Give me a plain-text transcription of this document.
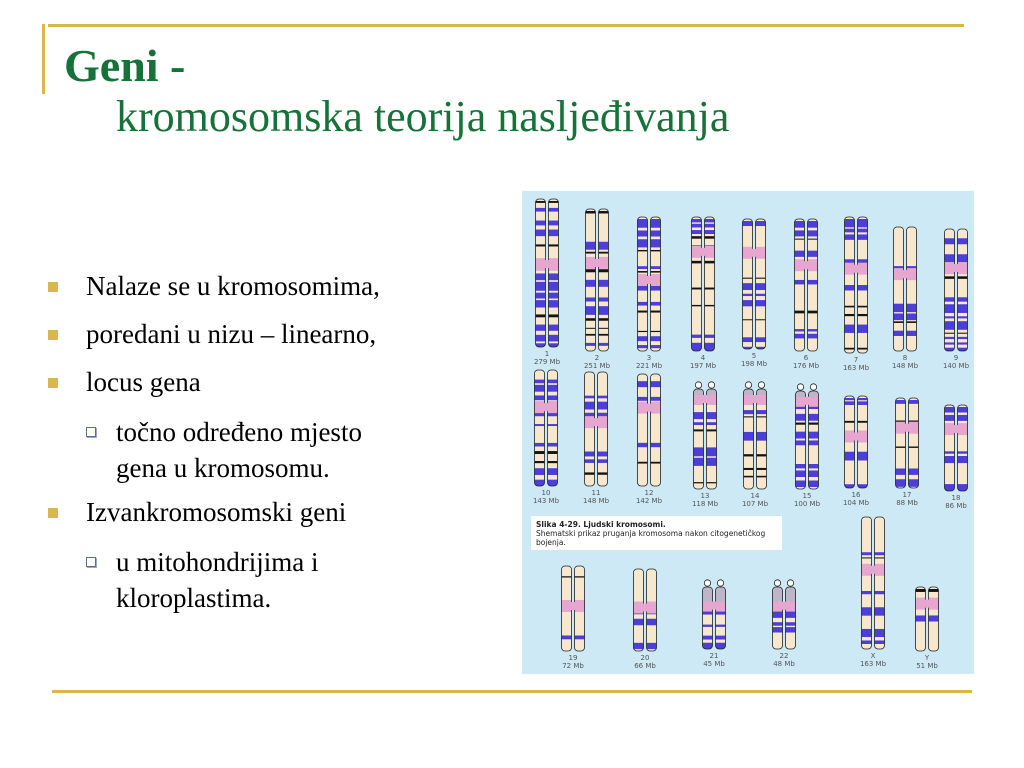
Geni -
kromosomska teorija nasljeđivanja
Nalaze se u kromosomima,
poredani u nizu – linearno,
locus gena
točno određeno mjesto
gena u kromosomu.
Izvankromosomski geni
u mitohondrijima i
kloroplastima.
1
279 Mb	2
251 Mb
3
221 Mb
4
197 Mb
5
198 Mb
6
176 Mb
7
163 Mb
8
148 Mb
9
140 Mb
10
143 Mb
11
148 Mb
12
142 Mb
13
118 Mb
14
107 Mb
15
100 Mb
16
104 Mb
17
88 Mb
18
86 Mb
19
72 Mb
20
66 Mb
21
45 Mb
22
48 Mb
X
163 Mb
Y
51 Mb
Slika 4-29. Ljudski kromosomi.
Shematski prikaz pruganja kromosoma nakon citogenetičkog
bojenja.
